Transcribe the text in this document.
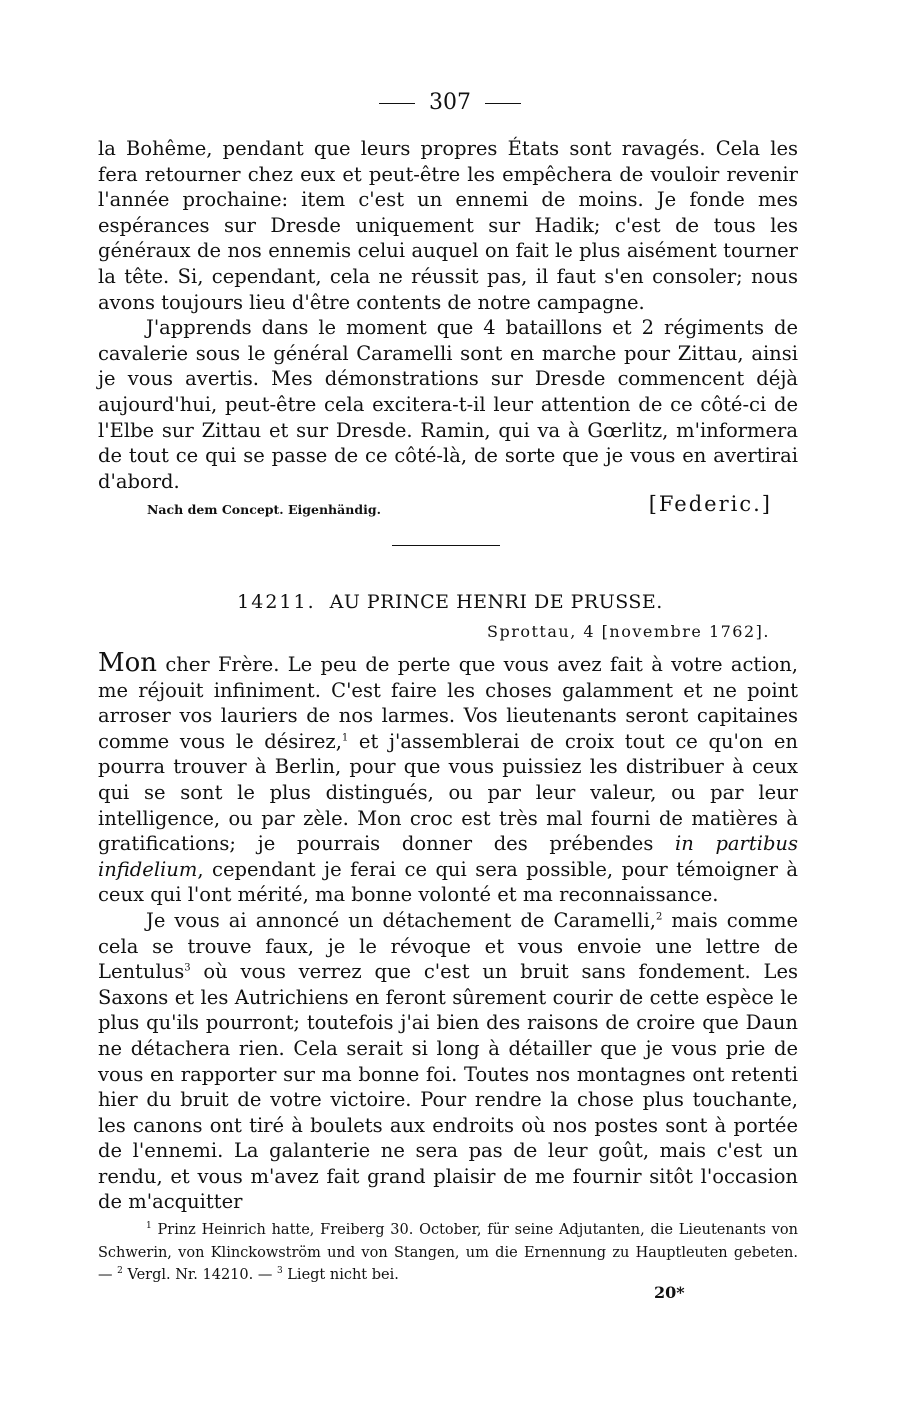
307

la Bohême, pendant que leurs propres États sont ravagés. Cela les fera retourner chez eux et peut-être les empêchera de vouloir revenir l'année prochaine: item c'est un ennemi de moins. Je fonde mes espérances sur Dresde uniquement sur Hadik; c'est de tous les généraux de nos ennemis celui auquel on fait le plus aisément tourner la tête. Si, cependant, cela ne réussit pas, il faut s'en consoler; nous avons toujours lieu d'être contents de notre campagne.

J'apprends dans le moment que 4 bataillons et 2 régiments de cavalerie sous le général Caramelli sont en marche pour Zittau, ainsi je vous avertis. Mes démonstrations sur Dresde commencent déjà aujourd'hui, peut-être cela excitera-t-il leur attention de ce côté-ci de l'Elbe sur Zittau et sur Dresde. Ramin, qui va à Gœrlitz, m'informera de tout ce qui se passe de ce côté-là, de sorte que je vous en avertirai d'abord.

Nach dem Concept. Eigenhändig.	[Federic.]
14211. AU PRINCE HENRI DE PRUSSE.
Sprottau, 4 [novembre 1762].

Mon cher Frère. Le peu de perte que vous avez fait à votre action, me réjouit infiniment. C'est faire les choses galamment et ne point arroser vos lauriers de nos larmes. Vos lieutenants seront capitaines comme vous le désirez,$^1$ et j'assemblerai de croix tout ce qu'on en pourra trouver à Berlin, pour que vous puissiez les distribuer à ceux qui se sont le plus distingués, ou par leur valeur, ou par leur intelligence, ou par zèle. Mon croc est très mal fourni de matières à gratifications; je pourrais donner des prébendes in partibus infidelium, cependant je ferai ce qui sera possible, pour témoigner à ceux qui l'ont mérité, ma bonne volonté et ma reconnaissance.

Je vous ai annoncé un détachement de Caramelli,$^2$ mais comme cela se trouve faux, je le révoque et vous envoie une lettre de Lentulus$^3$ où vous verrez que c'est un bruit sans fondement. Les Saxons et les Autrichiens en feront sûrement courir de cette espèce le plus qu'ils pourront; toutefois j'ai bien des raisons de croire que Daun ne détachera rien. Cela serait si long à détailler que je vous prie de vous en rapporter sur ma bonne foi. Toutes nos montagnes ont retenti hier du bruit de votre victoire. Pour rendre la chose plus touchante, les canons ont tiré à boulets aux endroits où nos postes sont à portée de l'ennemi. La galanterie ne sera pas de leur goût, mais c'est un rendu, et vous m'avez fait grand plaisir de me fournir sitôt l'occasion de m'acquitter

$^1$ Prinz Heinrich hatte, Freiberg 30. October, für seine Adjutanten, die Lieutenants von Schwerin, von Klinckowström und von Stangen, um die Ernennung zu Hauptleuten gebeten. — $^2$ Vergl. Nr. 14210. — $^3$ Liegt nicht bei.

20*
